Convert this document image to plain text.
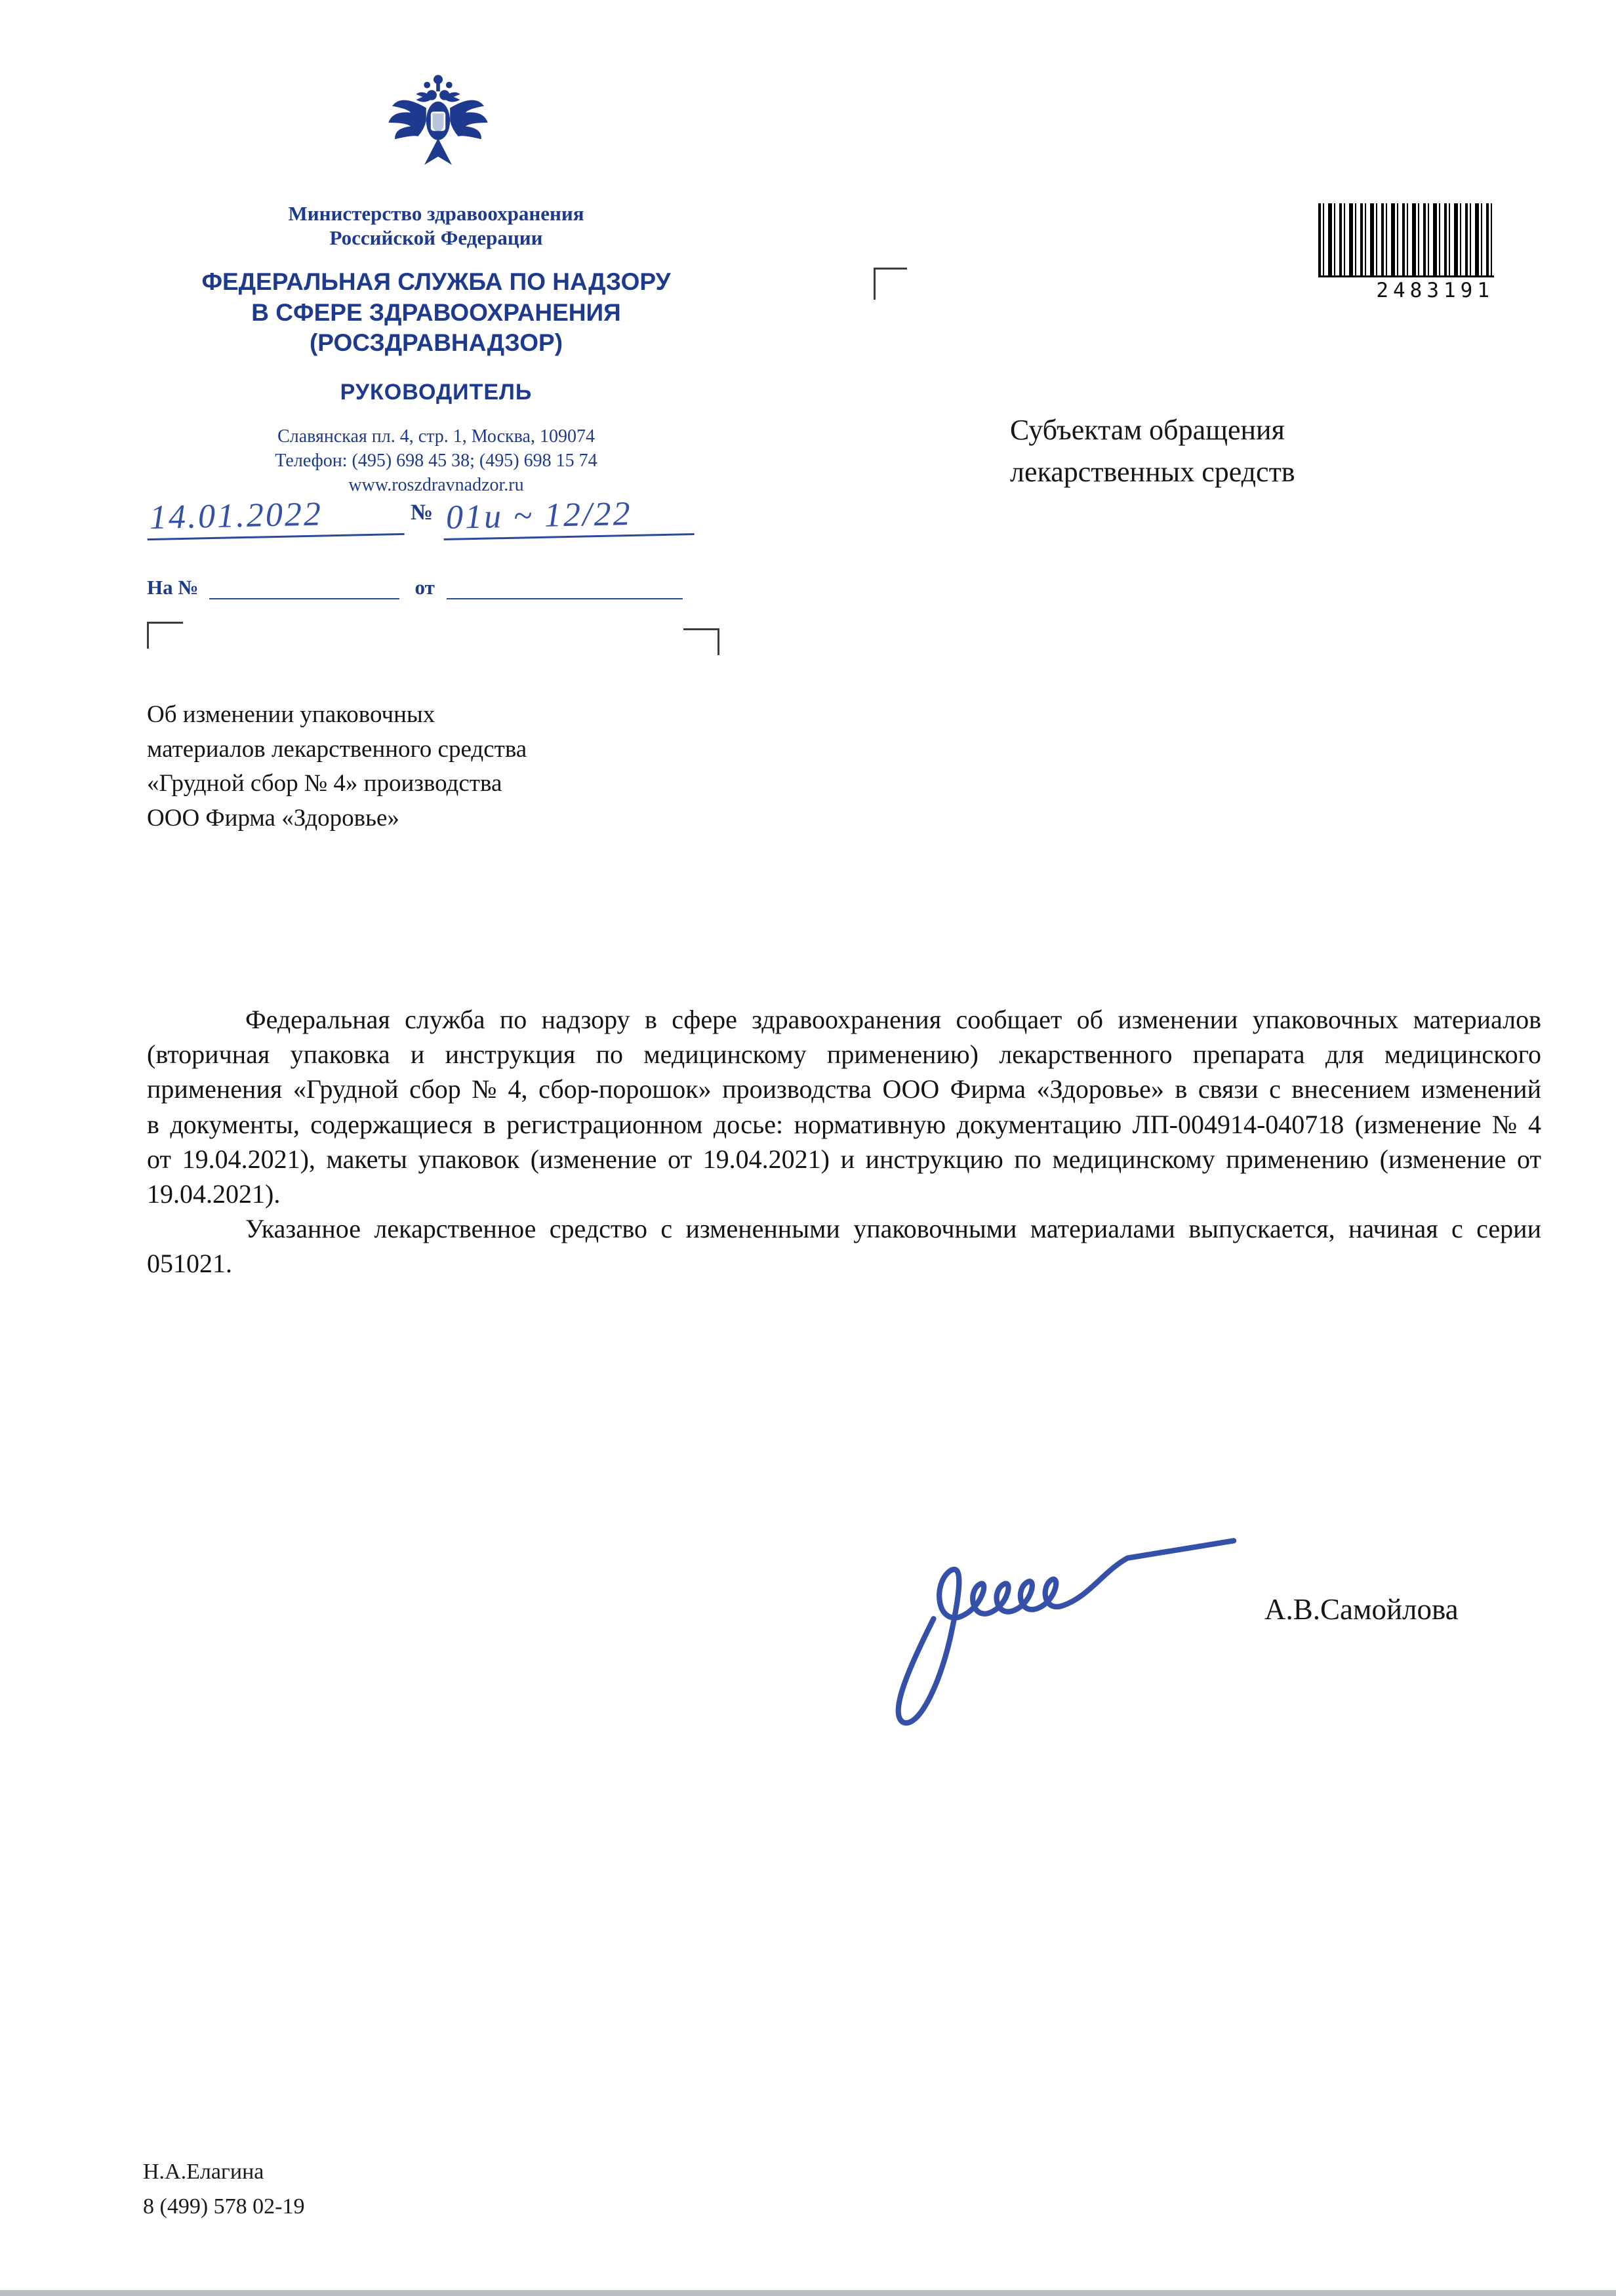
Министерство здравоохранения
Российской Федерации
ФЕДЕРАЛЬНАЯ СЛУЖБА ПО НАДЗОРУ
В СФЕРЕ ЗДРАВООХРАНЕНИЯ
(РОСЗДРАВНАДЗОР)
РУКОВОДИТЕЛЬ
Славянская пл. 4, стр. 1, Москва, 109074
Телефон: (495) 698 45 38; (495) 698 15 74
www.roszdravnadzor.ru
14.01.2022	№ 01и ~ 12/22
На №	от
2483191
Субъектам обращения
лекарственных средств
Об изменении упаковочных
материалов лекарственного средства
«Грудной сбор № 4» производства
ООО Фирма «Здоровье»

Федеральная служба по надзору в сфере здравоохранения сообщает об изменении упаковочных материалов (вторичная упаковка и инструкция по медицинскому применению) лекарственного препарата для медицинского применения «Грудной сбор № 4, сбор-порошок» производства ООО Фирма «Здоровье» в связи с внесением изменений в документы, содержащиеся в регистрационном досье: нормативную документацию ЛП-004914-040718 (изменение № 4 от 19.04.2021), макеты упаковок (изменение от 19.04.2021) и инструкцию по медицинскому применению (изменение от 19.04.2021).

Указанное лекарственное средство с измененными упаковочными материалами выпускается, начиная с серии 051021.

А.В.Самойлова
Н.А.Елагина
8 (499) 578 02-19
